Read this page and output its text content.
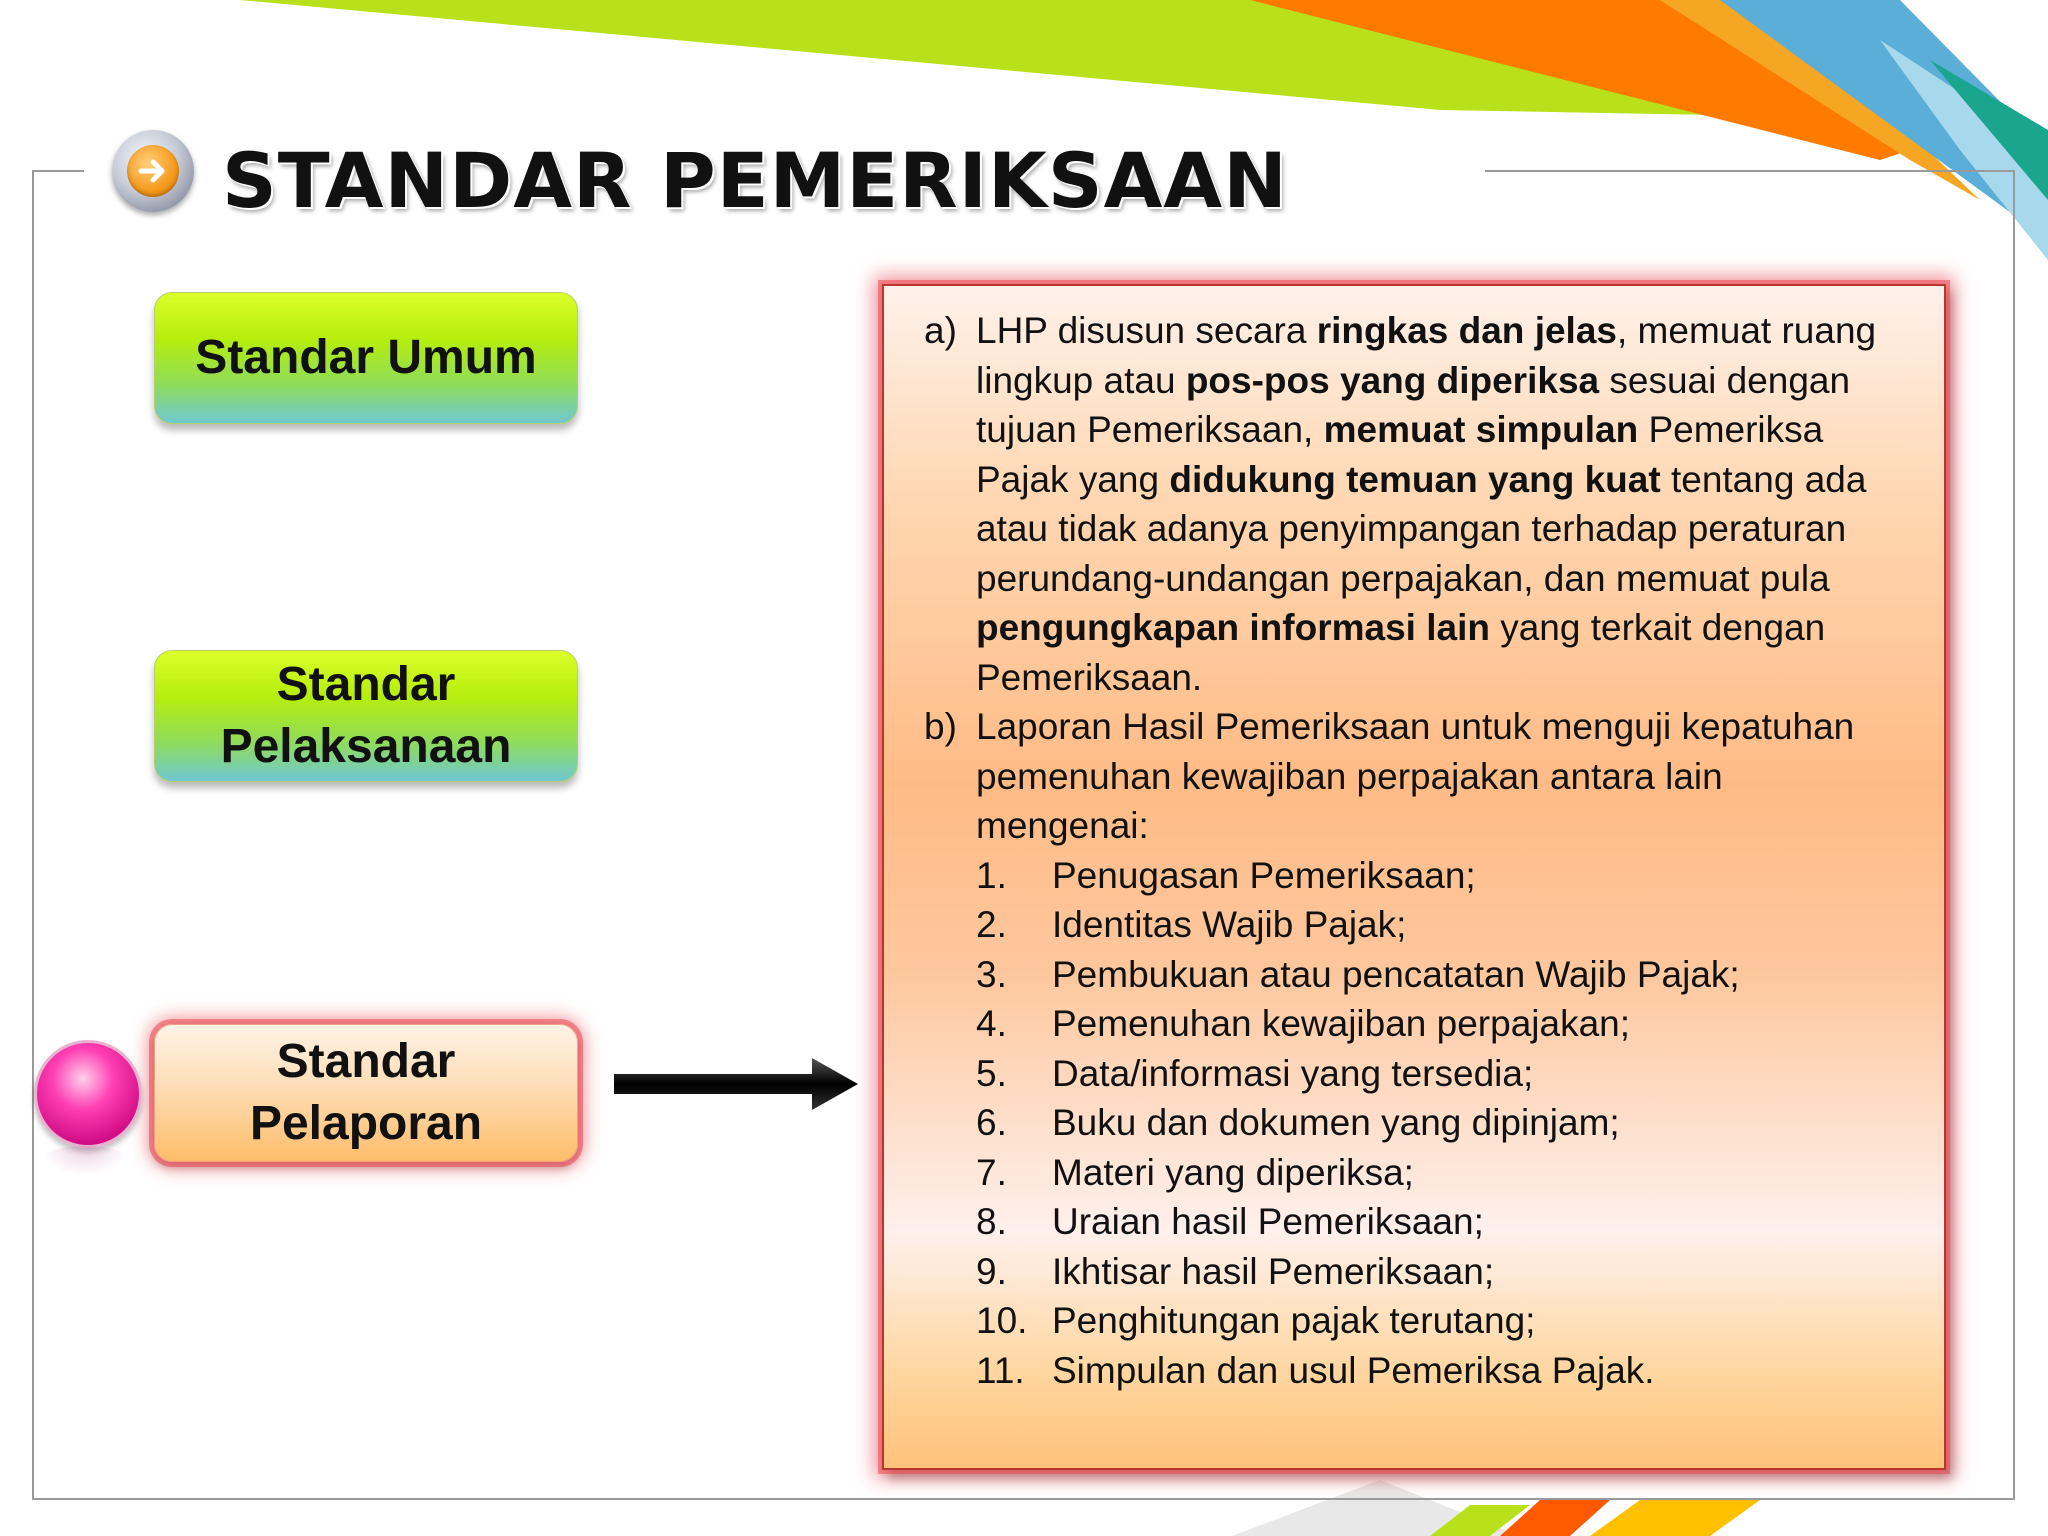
STANDAR PEMERIKSAAN
Standar Umum
Standar Pelaksanaan
Standar Pelaporan
a) LHP disusun secara ringkas dan jelas, memuat ruang lingkup atau pos-pos yang diperiksa sesuai dengan tujuan Pemeriksaan, memuat simpulan Pemeriksa Pajak yang didukung temuan yang kuat tentang ada atau tidak adanya penyimpangan terhadap peraturan perundang-undangan perpajakan, dan memuat pula pengungkapan informasi lain yang terkait dengan Pemeriksaan.
b) Laporan Hasil Pemeriksaan untuk menguji kepatuhan pemenuhan kewajiban perpajakan antara lain mengenai:
1.	Penugasan Pemeriksaan;
2.	Identitas Wajib Pajak;
3.	Pembukuan atau pencatatan Wajib Pajak;
4.	Pemenuhan kewajiban perpajakan;
5.	Data/informasi yang tersedia;
6.	Buku dan dokumen yang dipinjam;
7.	Materi yang diperiksa;
8.	Uraian hasil Pemeriksaan;
9.	Ikhtisar hasil Pemeriksaan;
10. Penghitungan pajak terutang;
11. Simpulan dan usul Pemeriksa Pajak.
